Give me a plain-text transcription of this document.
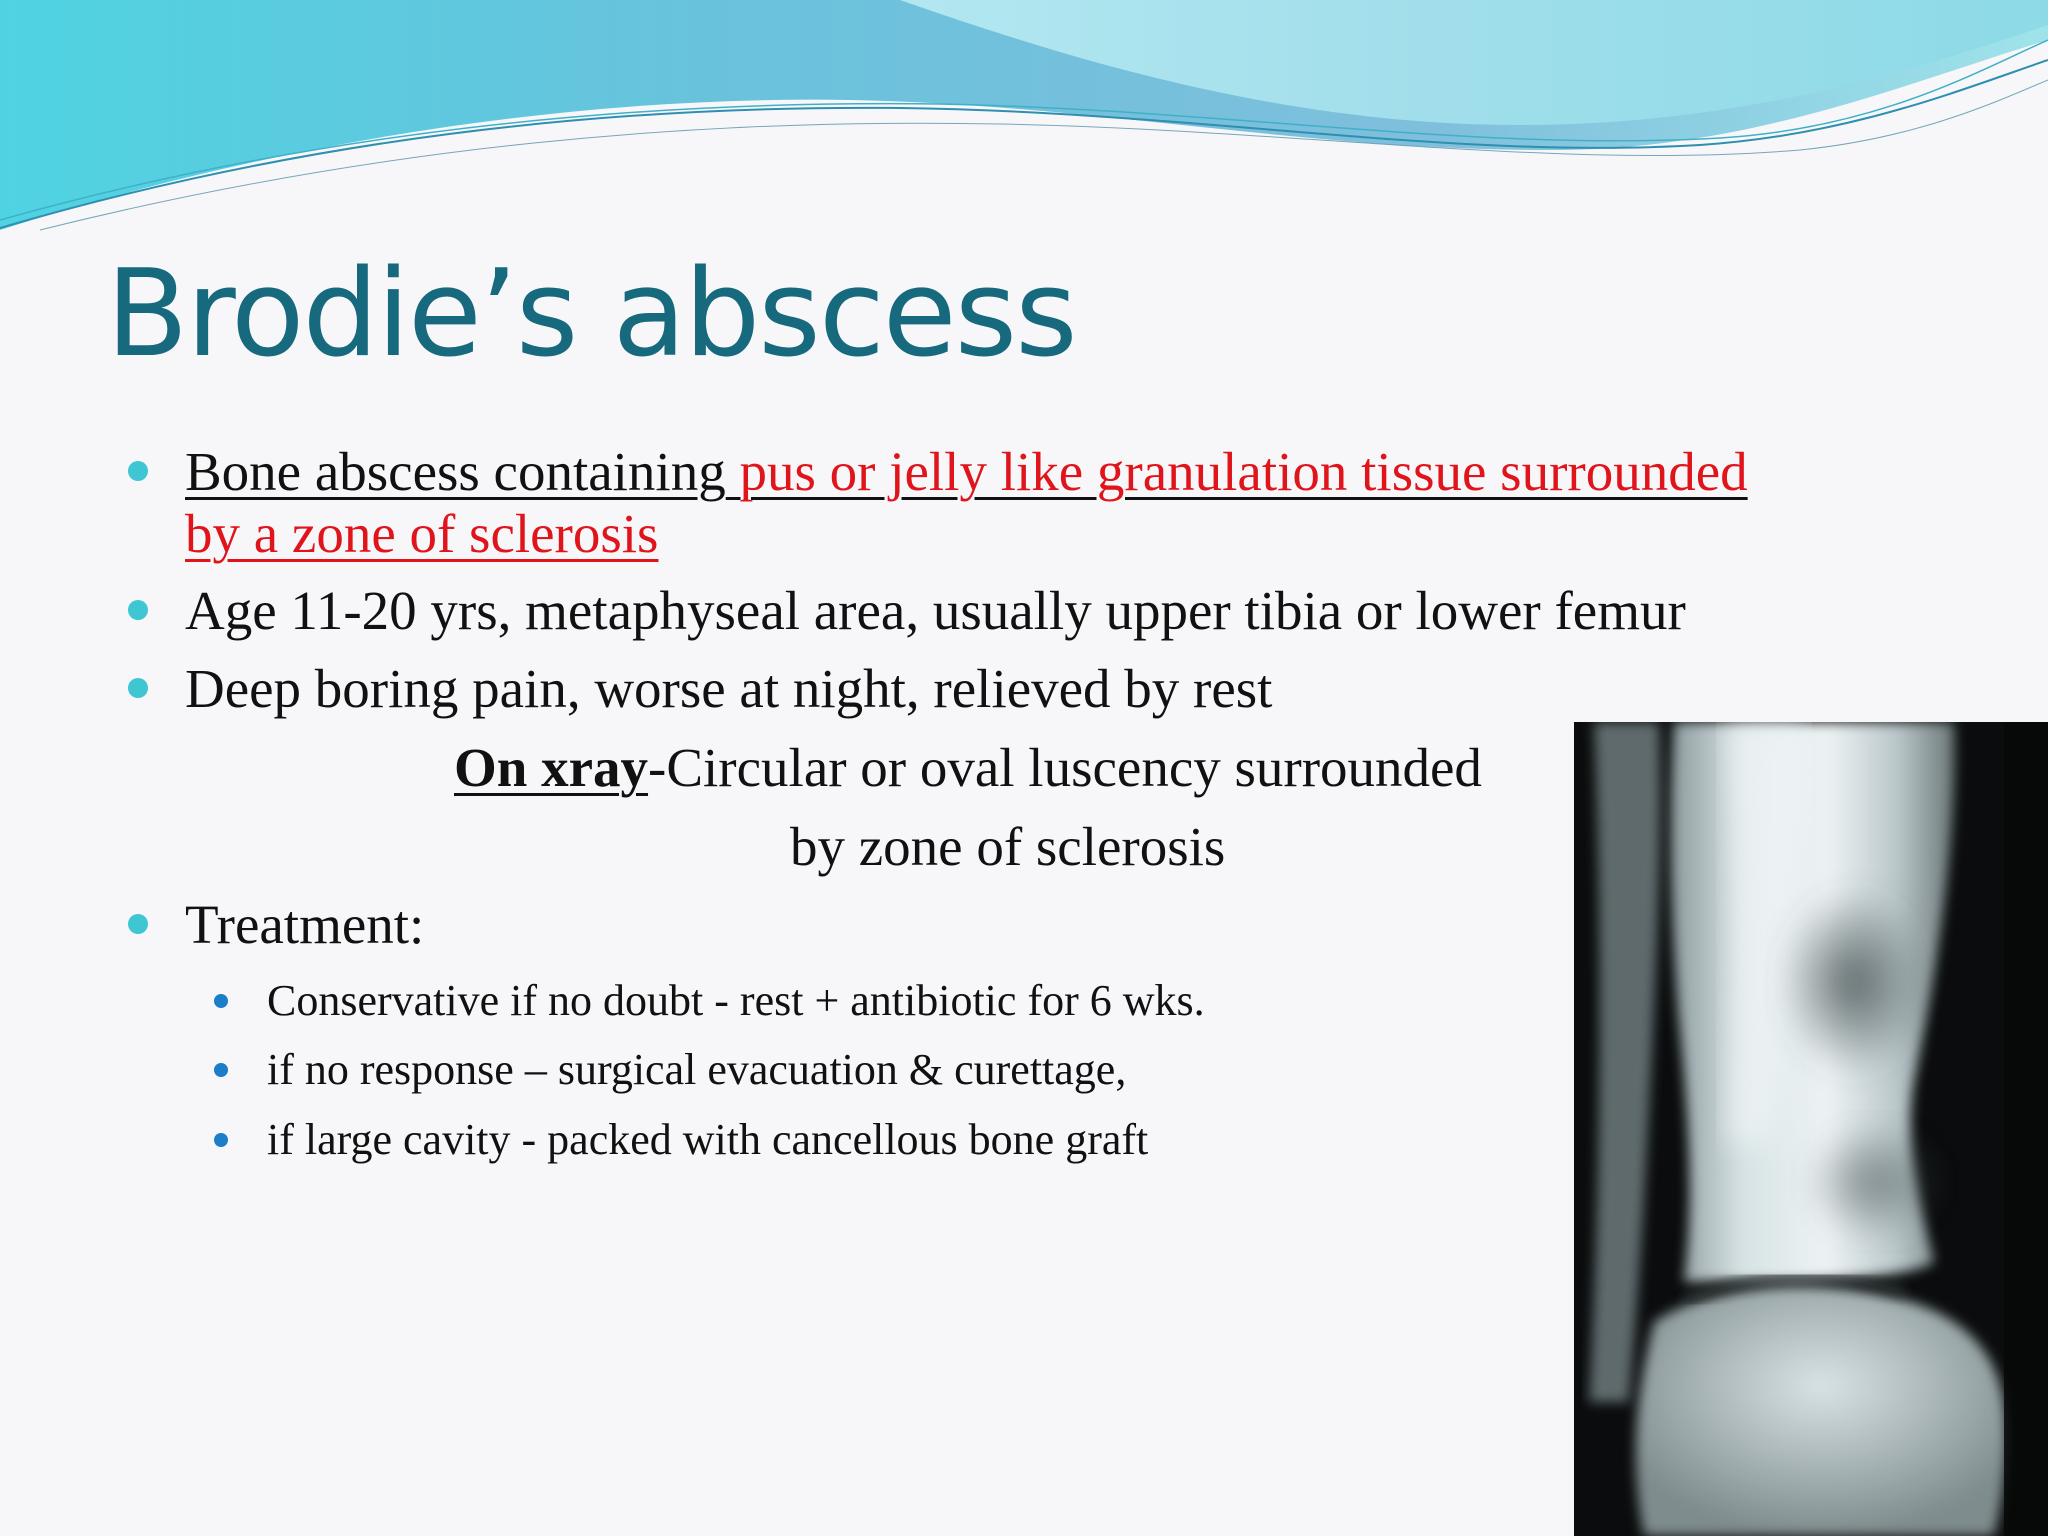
Brodie’s abscess
Bone abscess containing pus or jelly like granulation tissue surrounded
by a zone of sclerosis
Age 11-20 yrs, metaphyseal area, usually upper tibia or lower femur
Deep boring pain, worse at night, relieved by rest
On xray-Circular or oval luscency surrounded
by zone of sclerosis
Treatment:
Conservative if no doubt - rest + antibiotic for 6 wks.
if no response – surgical evacuation & curettage,
if large cavity - packed with cancellous bone graft
